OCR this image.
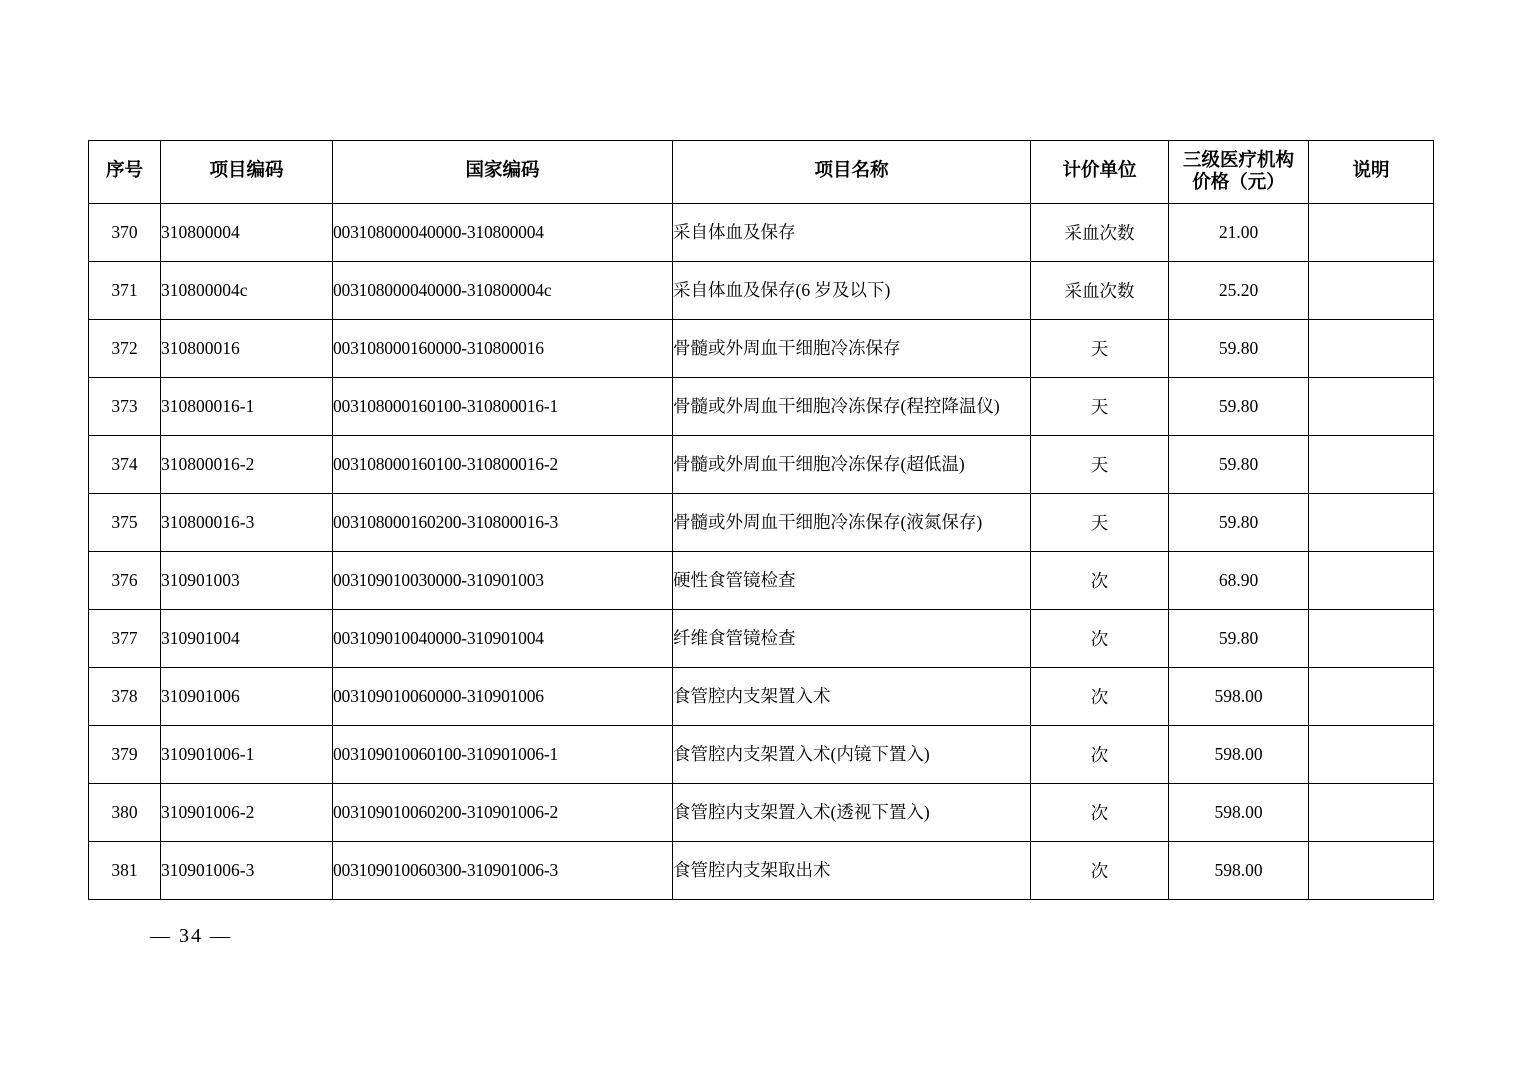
序号	项目编码	国家编码	项目名称	计价单位	三级医疗机构
价格（元）	说明
370	310800004	003108000040000-310800004	采自体血及保存	采血次数	21.00	
371	310800004c	003108000040000-310800004c	采自体血及保存(6 岁及以下)	采血次数	25.20	
372	310800016	003108000160000-310800016	骨髓或外周血干细胞冷冻保存	天	59.80	
373	310800016-1	003108000160100-310800016-1	骨髓或外周血干细胞冷冻保存(程控降温仪)	天	59.80	
374	310800016-2	003108000160100-310800016-2	骨髓或外周血干细胞冷冻保存(超低温)	天	59.80	
375	310800016-3	003108000160200-310800016-3	骨髓或外周血干细胞冷冻保存(液氮保存)	天	59.80	
376	310901003	003109010030000-310901003	硬性食管镜检查	次	68.90	
377	310901004	003109010040000-310901004	纤维食管镜检查	次	59.80	
378	310901006	003109010060000-310901006	食管腔内支架置入术	次	598.00	
379	310901006-1	003109010060100-310901006-1	食管腔内支架置入术(内镜下置入)	次	598.00	
380	310901006-2	003109010060200-310901006-2	食管腔内支架置入术(透视下置入)	次	598.00	
381	310901006-3	003109010060300-310901006-3	食管腔内支架取出术	次	598.00	
— 34 —
